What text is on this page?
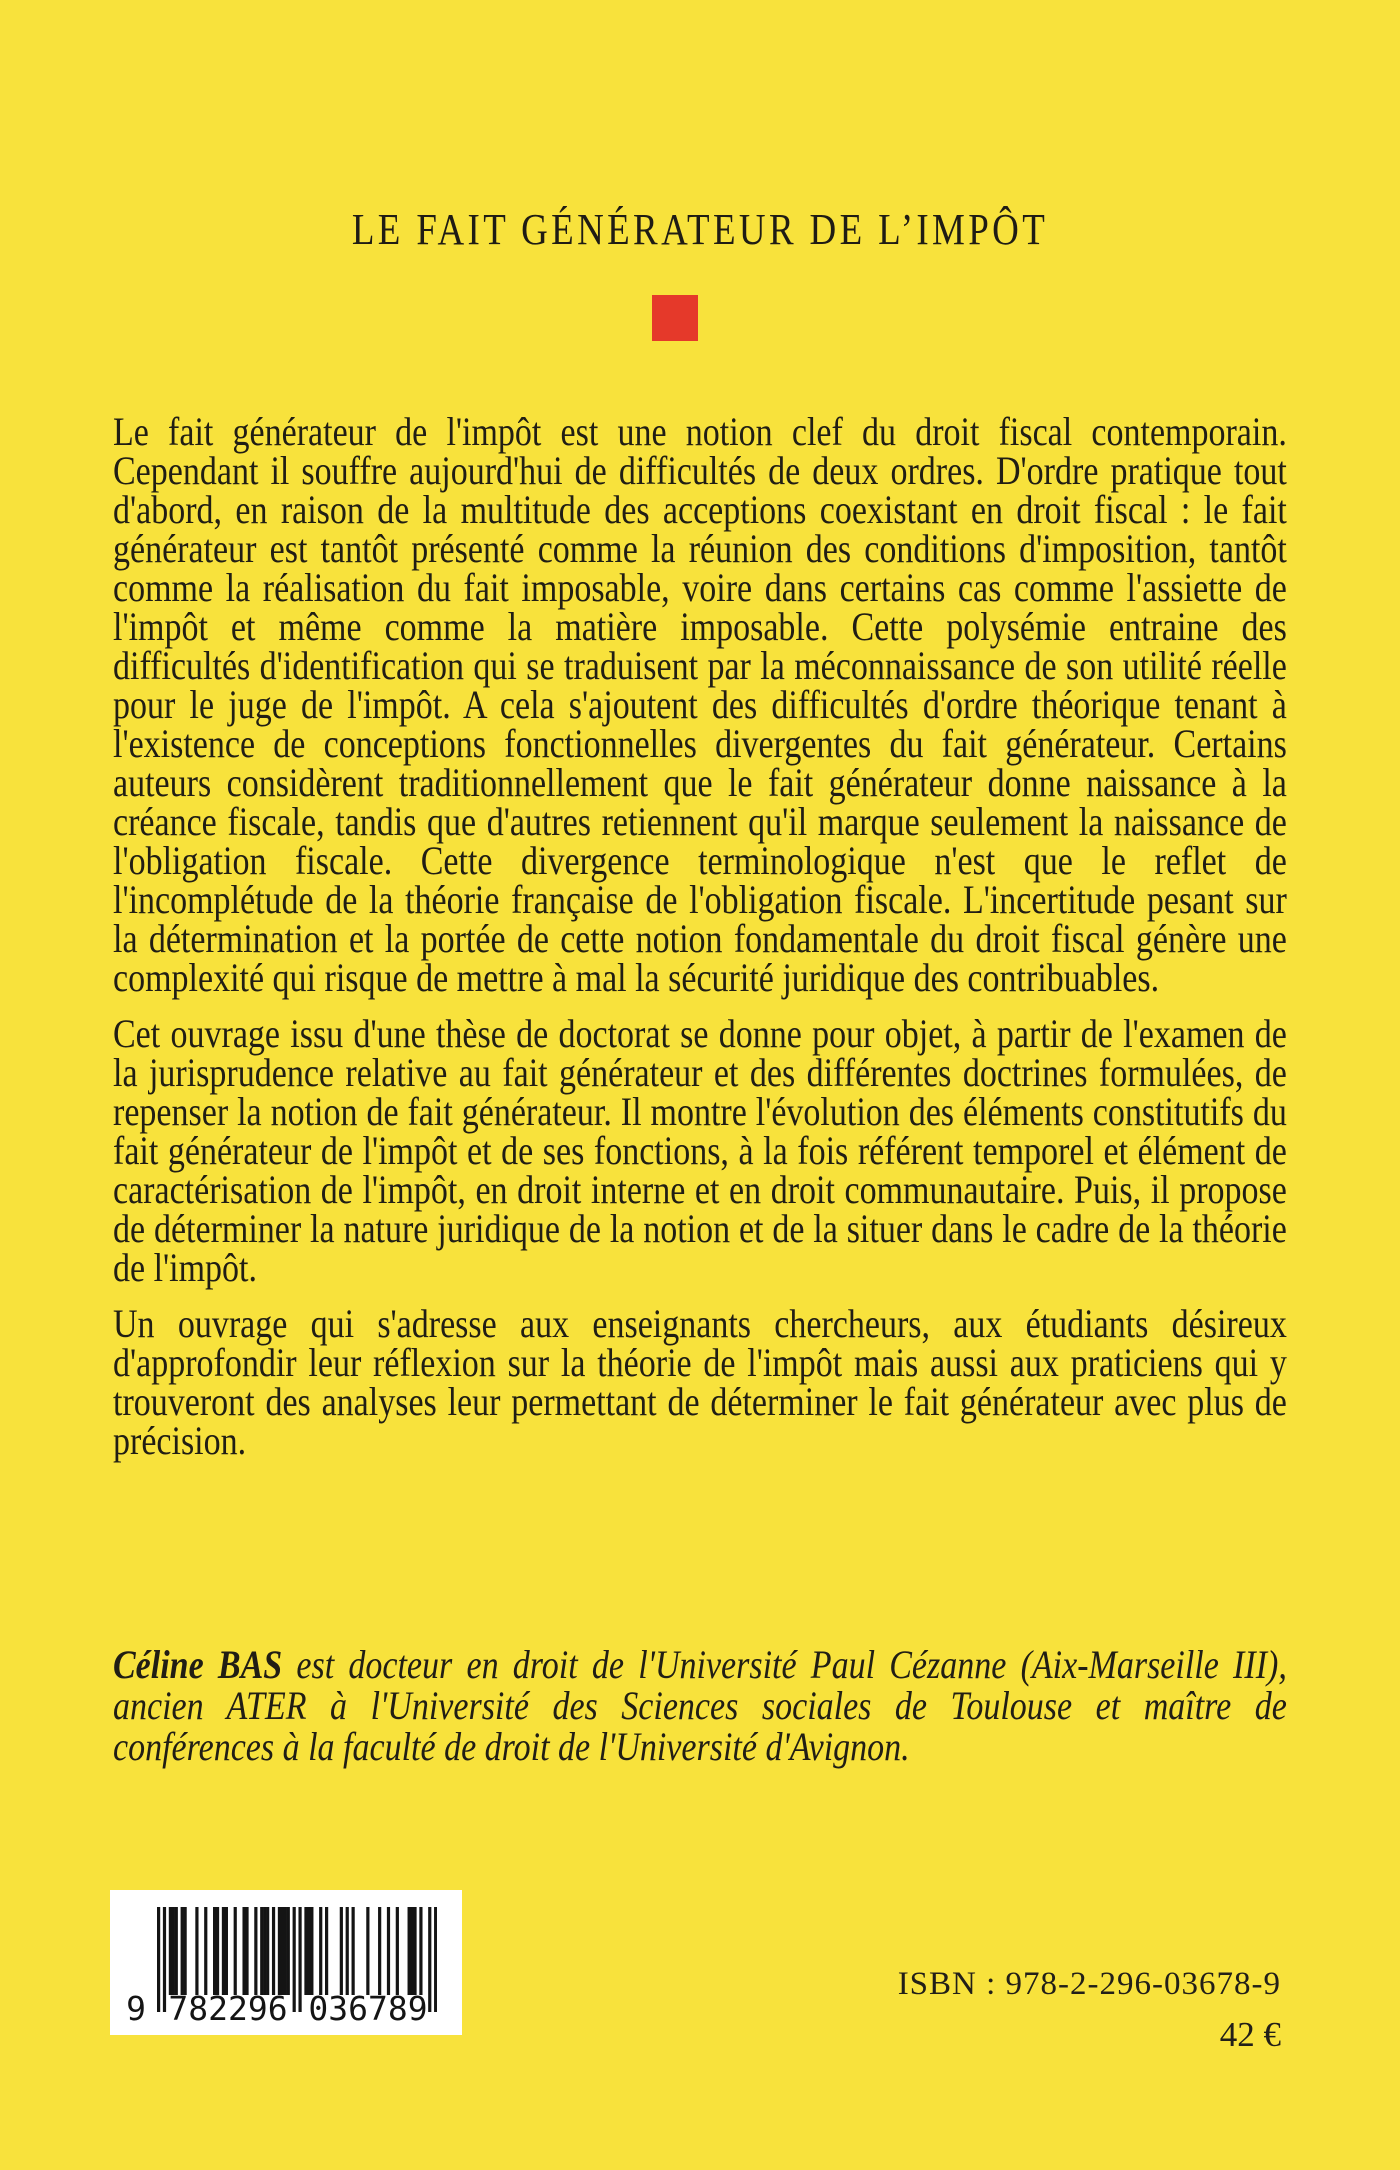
LE FAIT GÉNÉRATEUR DE L’IMPÔT

Le fait générateur de l'impôt est une notion clef du droit fiscal contemporain. Cependant il souffre aujourd'hui de difficultés de deux ordres. D'ordre pratique tout d'abord, en raison de la multitude des acceptions coexistant en droit fiscal : le fait générateur est tantôt présenté comme la réunion des conditions d'imposition, tantôt comme la réalisation du fait imposable, voire dans certains cas comme l'assiette de l'impôt et même comme la matière imposable. Cette polysémie entraine des difficultés d'identification qui se traduisent par la méconnaissance de son utilité réelle pour le juge de l'impôt. A cela s'ajoutent des difficultés d'ordre théorique tenant à l'existence de conceptions fonctionnelles divergentes du fait générateur. Certains auteurs considèrent traditionnellement que le fait générateur donne naissance à la créance fiscale, tandis que d'autres retiennent qu'il marque seulement la naissance de l'obligation fiscale. Cette divergence terminologique n'est que le reflet de l'incomplétude de la théorie française de l'obligation fiscale. L'incertitude pesant sur la détermination et la portée de cette notion fondamentale du droit fiscal génère une complexité qui risque de mettre à mal la sécurité juridique des contribuables.

Cet ouvrage issu d'une thèse de doctorat se donne pour objet, à partir de l'examen de la jurisprudence relative au fait générateur et des différentes doctrines formulées, de repenser la notion de fait générateur. Il montre l'évolution des éléments constitutifs du fait générateur de l'impôt et de ses fonctions, à la fois référent temporel et élément de caractérisation de l'impôt, en droit interne et en droit communautaire. Puis, il propose de déterminer la nature juridique de la notion et de la situer dans le cadre de la théorie de l'impôt.

Un ouvrage qui s'adresse aux enseignants chercheurs, aux étudiants désireux d'approfondir leur réflexion sur la théorie de l'impôt mais aussi aux praticiens qui y trouveront des analyses leur permettant de déterminer le fait générateur avec plus de précision.

Céline BAS est docteur en droit de l'Université Paul Cézanne (Aix-Marseille III), ancien ATER à l'Université des Sciences sociales de Toulouse et maître de conférences à la faculté de droit de l'Université d'Avignon.

9 782296 036789
ISBN : 978-2-296-03678-9
42 €
